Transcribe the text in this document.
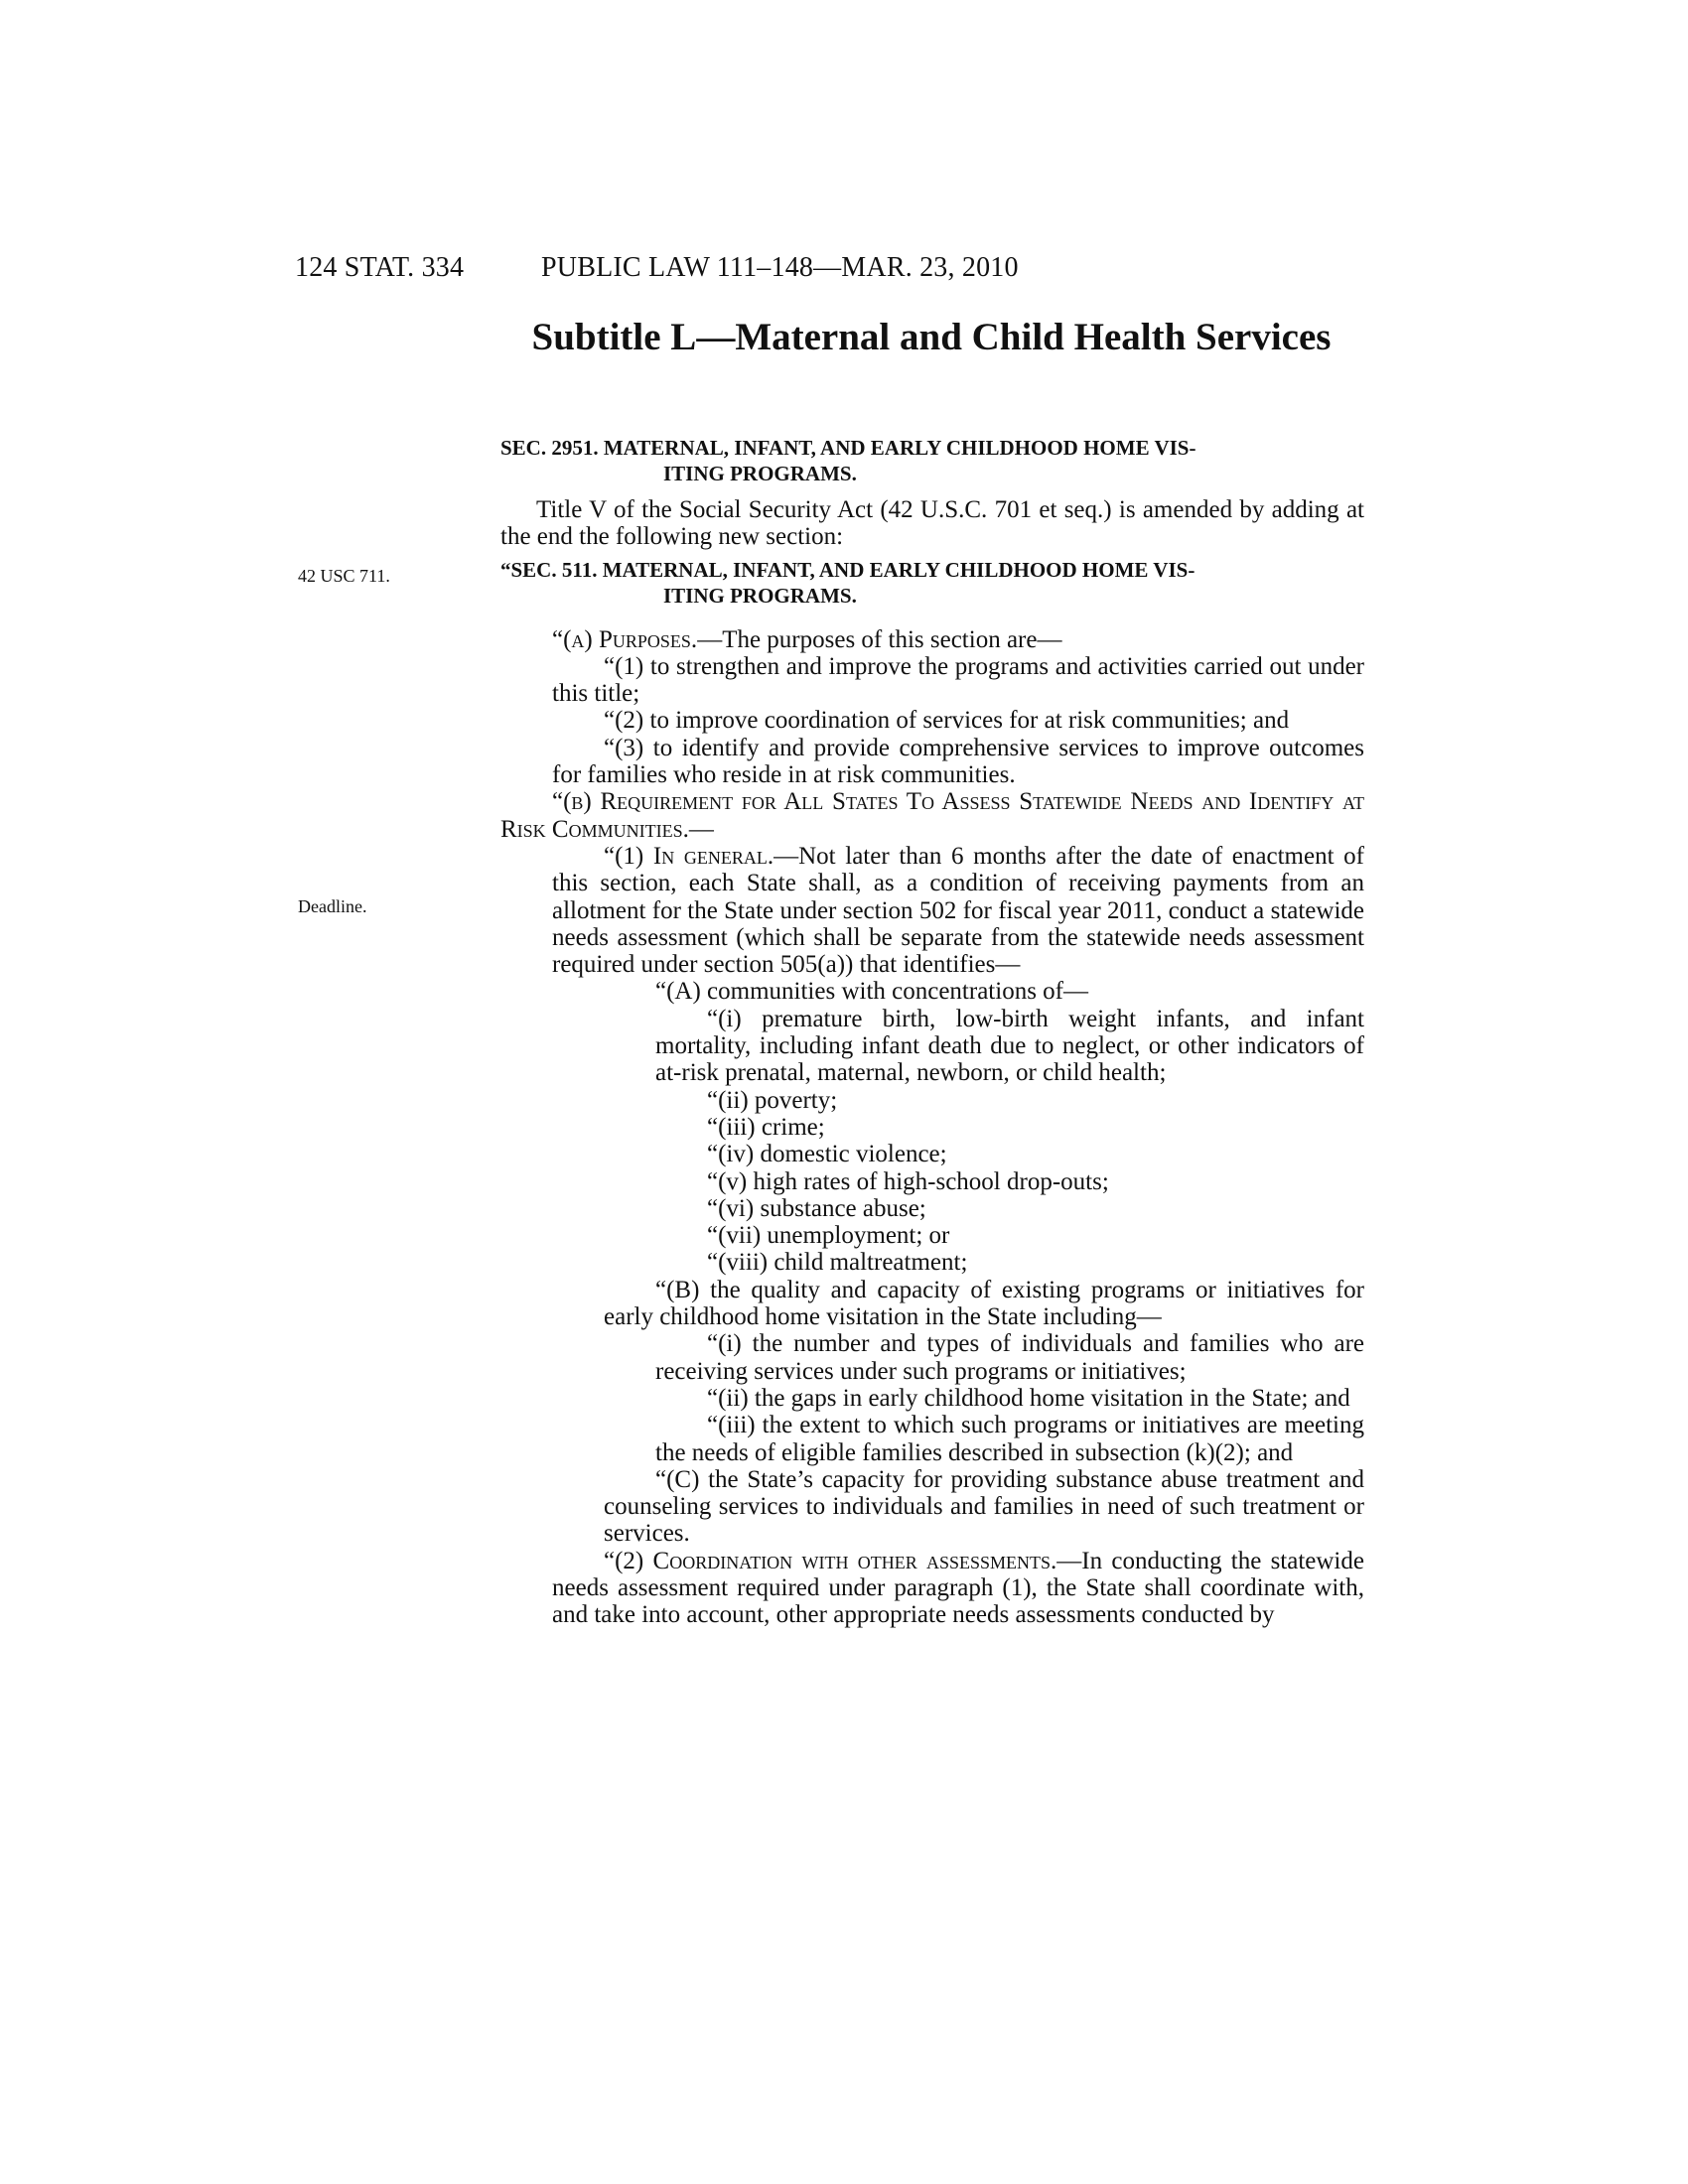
124 STAT. 334	PUBLIC LAW 111–148—MAR. 23, 2010
Subtitle L—Maternal and Child Health Services
SEC. 2951. MATERNAL, INFANT, AND EARLY CHILDHOOD HOME VIS-
ITING PROGRAMS.
42 USC 711.
Deadline.

Title V of the Social Security Act (42 U.S.C. 701 et seq.) is amended by adding at the end the following new section:

“SEC. 511. MATERNAL, INFANT, AND EARLY CHILDHOOD HOME VIS-
ITING PROGRAMS.

“(a) Purposes.—The purposes of this section are—

“(1) to strengthen and improve the programs and activities carried out under this title;

“(2) to improve coordination of services for at risk communities; and

“(3) to identify and provide comprehensive services to improve outcomes for families who reside in at risk communities.

“(b) Requirement for All States To Assess Statewide Needs and Identify at Risk Communities.—

“(1) In general.—Not later than 6 months after the date of enactment of this section, each State shall, as a condition of receiving payments from an allotment for the State under section 502 for fiscal year 2011, conduct a statewide needs assessment (which shall be separate from the statewide needs assessment required under section 505(a)) that identifies—

“(A) communities with concentrations of—

“(i) premature birth, low-birth weight infants, and infant mortality, including infant death due to neglect, or other indicators of at-risk prenatal, maternal, newborn, or child health;

“(ii) poverty;

“(iii) crime;

“(iv) domestic violence;

“(v) high rates of high-school drop-outs;

“(vi) substance abuse;

“(vii) unemployment; or

“(viii) child maltreatment;

“(B) the quality and capacity of existing programs or initiatives for early childhood home visitation in the State including—

“(i) the number and types of individuals and families who are receiving services under such programs or initiatives;

“(ii) the gaps in early childhood home visitation in the State; and

“(iii) the extent to which such programs or initiatives are meeting the needs of eligible families described in subsection (k)(2); and

“(C) the State’s capacity for providing substance abuse treatment and counseling services to individuals and families in need of such treatment or services.

“(2) Coordination with other assessments.—In conducting the statewide needs assessment required under paragraph (1), the State shall coordinate with, and take into account, other appropriate needs assessments conducted by
